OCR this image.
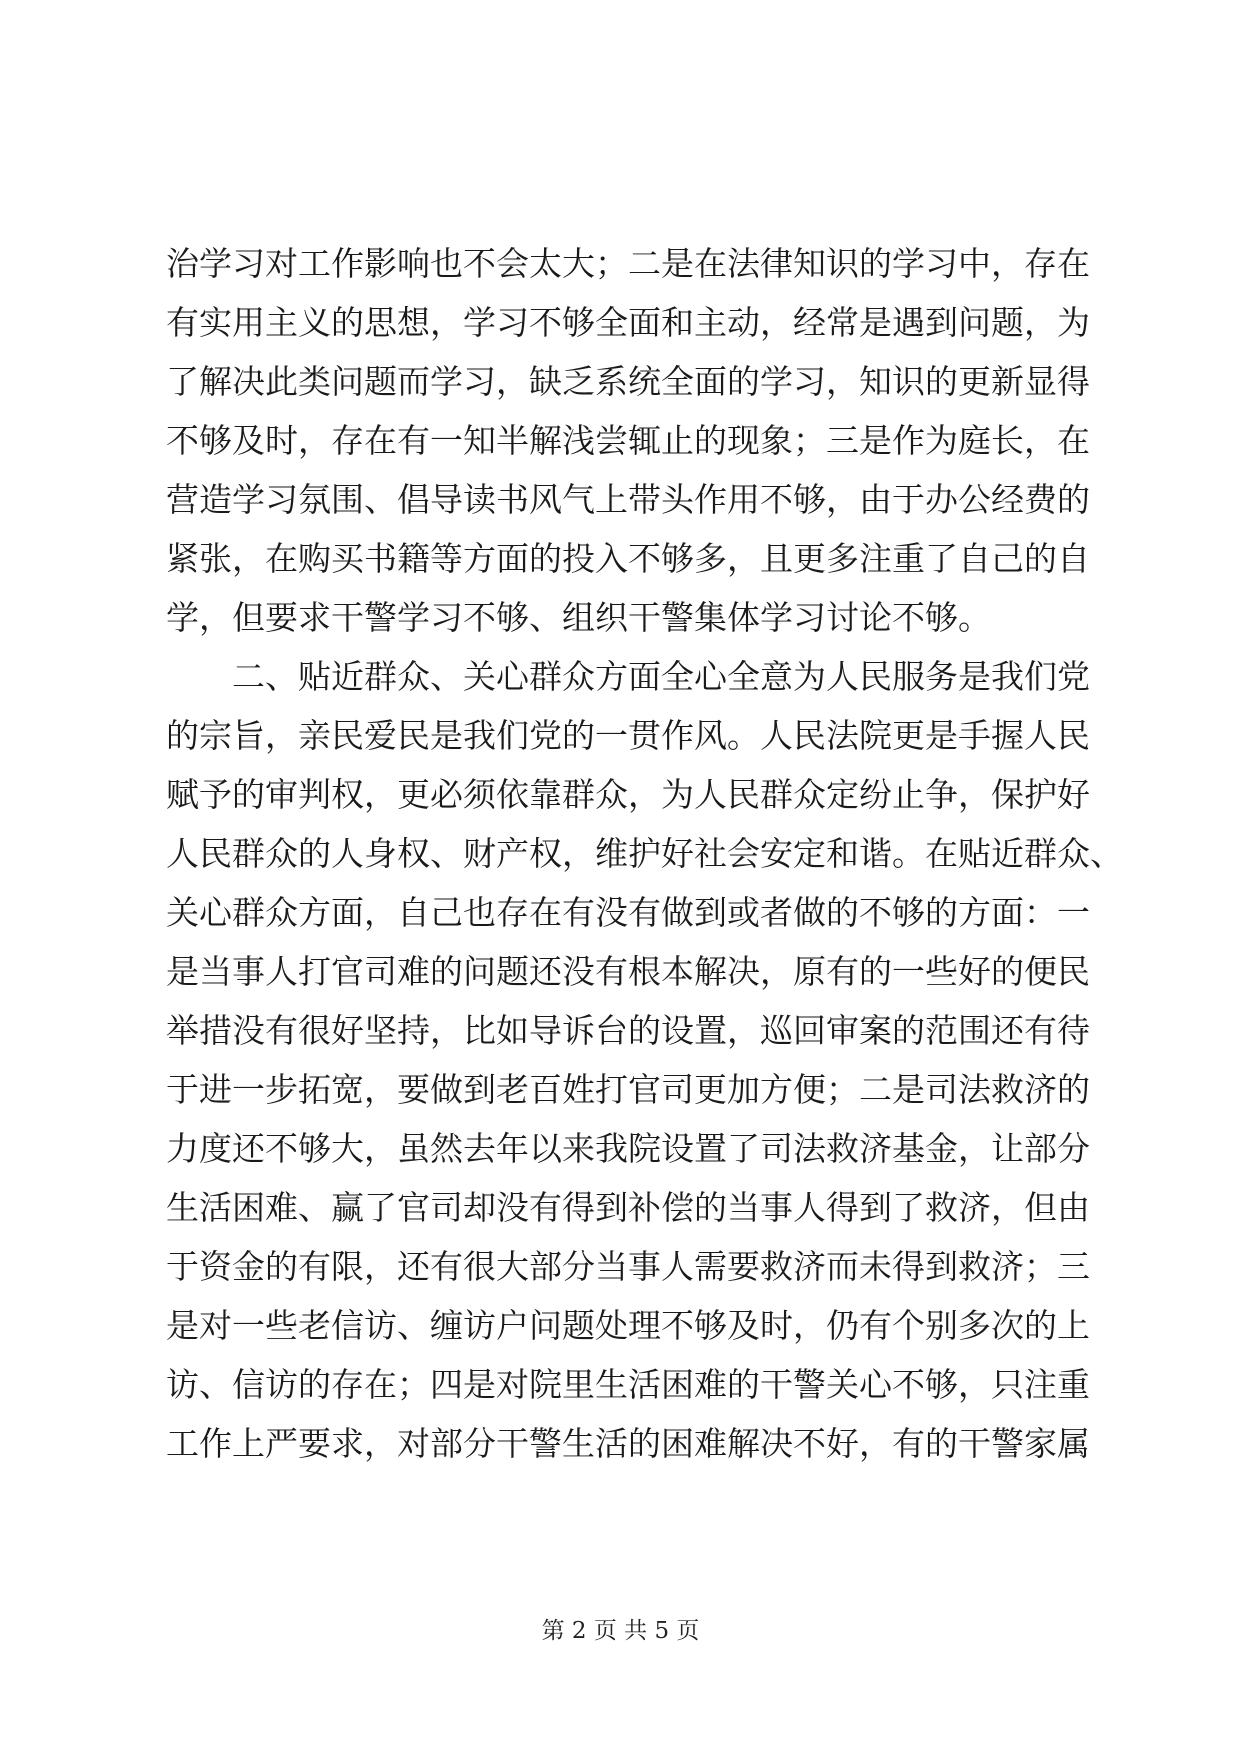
治学习对工作影响也不会太大；二是在法律知识的学习中，存在
有实用主义的思想，学习不够全面和主动，经常是遇到问题，为
了解决此类问题而学习，缺乏系统全面的学习，知识的更新显得
不够及时，存在有一知半解浅尝辄止的现象；三是作为庭长，在
营造学习氛围、倡导读书风气上带头作用不够，由于办公经费的
紧张，在购买书籍等方面的投入不够多，且更多注重了自己的自
学，但要求干警学习不够、组织干警集体学习讨论不够。
二、贴近群众、关心群众方面全心全意为人民服务是我们党
的宗旨，亲民爱民是我们党的一贯作风。人民法院更是手握人民
赋予的审判权，更必须依靠群众，为人民群众定纷止争，保护好
人民群众的人身权、财产权，维护好社会安定和谐。在贴近群众、
关心群众方面，自己也存在有没有做到或者做的不够的方面：一
是当事人打官司难的问题还没有根本解决，原有的一些好的便民
举措没有很好坚持，比如导诉台的设置，巡回审案的范围还有待
于进一步拓宽，要做到老百姓打官司更加方便；二是司法救济的
力度还不够大，虽然去年以来我院设置了司法救济基金，让部分
生活困难、赢了官司却没有得到补偿的当事人得到了救济，但由
于资金的有限，还有很大部分当事人需要救济而未得到救济；三
是对一些老信访、缠访户问题处理不够及时，仍有个别多次的上
访、信访的存在；四是对院里生活困难的干警关心不够，只注重
工作上严要求，对部分干警生活的困难解决不好，有的干警家属
第 2 页 共 5 页
